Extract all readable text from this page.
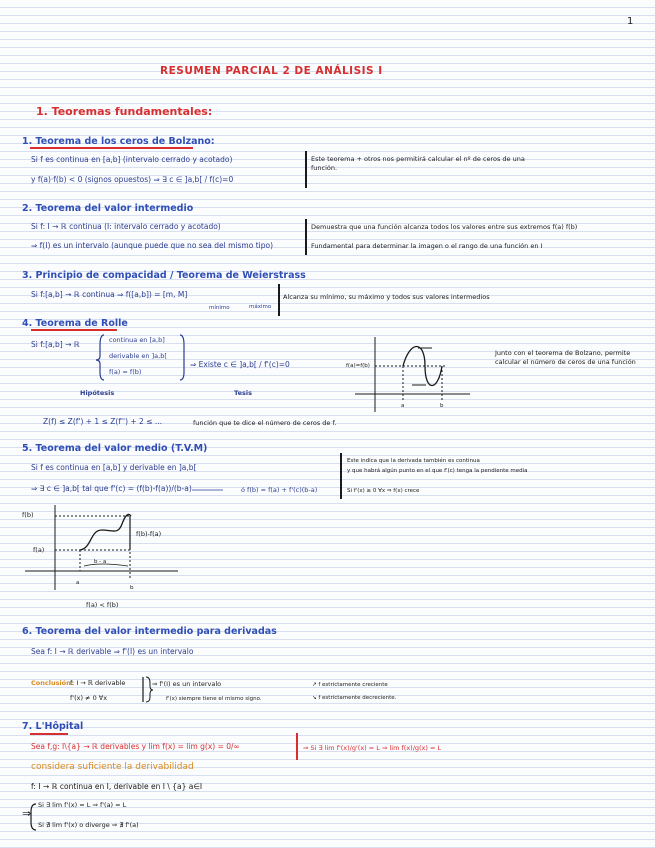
1
RESUMEN PARCIAL 2 DE ANÁLISIS I
1. Teoremas fundamentales:
1. Teorema de los ceros de Bolzano:
Si f es continua en [a,b] (intervalo cerrado y acotado)
y f(a)·f(b) < 0 (signos opuestos) ⇒ ∃ c ∈ ]a,b[ / f(c)=0
Este teorema + otros nos permitirá calcular el nº de ceros de una función.
2. Teorema del valor intermedio
Si f: I → ℝ continua (I: intervalo cerrado y acotado)
⇒ f(I) es un intervalo (aunque puede que no sea del mismo tipo)
Demuestra que una función alcanza todos los valores entre sus extremos f(a) f(b)
Fundamental para determinar la imagen o el rango de una función en I
3. Principio de compacidad / Teorema de Weierstrass
Si f:[a,b] → ℝ continua ⇒ f([a,b]) = [m, M]
mínimo	máximo
Alcanza su mínimo, su máximo y todos sus valores intermedios
4. Teorema de Rolle
Si f:[a,b] → ℝ	continua en [a,b]
derivable en ]a,b[
f(a) = f(b)
⇒ Existe c ∈ ]a,b[ / f'(c)=0
Hipótesis	Tesis
f(a)=f(b)
a	b
Junto con el teorema de Bolzano, permite calcular el número de ceros de una función
Z(f) ≤ Z(f') + 1 ≤ Z(f'') + 2 ≤ ...	función que te dice el número de ceros de f.
5. Teorema del valor medio (T.V.M)
Si f es continua en [a,b] y derivable en ]a,b[
⇒ ∃ c ∈ ]a,b[ tal que f'(c) = (f(b)-f(a))/(b-a)	ó f(b) = f(a) + f'(c)(b-a)
Este indica que la derivada también es continua
y que habrá algún punto en el que f'(c) tenga la pendiente media
Si f'(x) ≥ 0 ∀x ⇒ f(x) crece
f(b)
f(a)
f(b)-f(a)
b - a
a
b
f(a) < f(b)
6. Teorema del valor intermedio para derivadas
Sea f: I → ℝ derivable ⇒ f'(I) es un intervalo
Conclusión:
f: I → ℝ derivable
f'(x) ≠ 0 ∀x
⇒ f'(I) es un intervalo
f'(x) siempre tiene el mismo signo.
↗ f estrictamente creciente
↘ f estrictamente decreciente.
7. L'Hôpital
Sea f,g: I\{a} → ℝ derivables y lim f(x) = lim g(x) = 0/∞	⇒ Si ∃ lim f'(x)/g'(x) = L ⇒ lim f(x)/g(x) = L
considera suficiente la derivabilidad
f: I → ℝ continua en I, derivable en I \ {a} a∈I
⇒
Si ∃ lim f'(x) = L ⇒ f'(a) = L
Si ∄ lim f'(x) o diverge ⇒ ∄ f'(a)
